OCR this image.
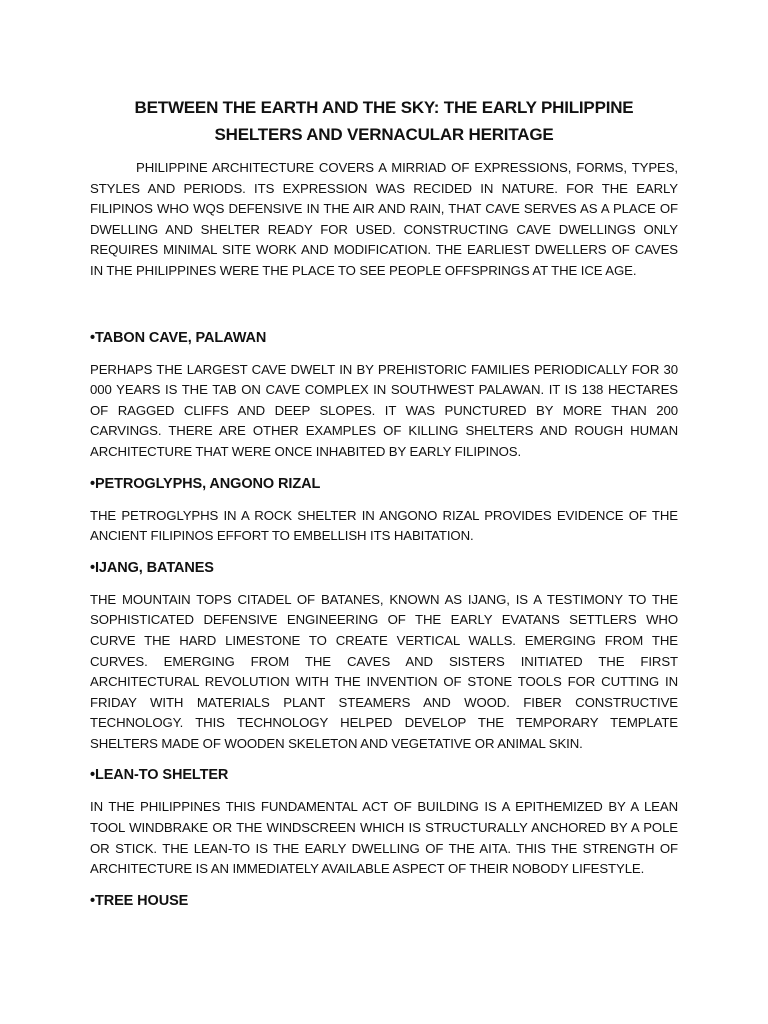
BETWEEN THE EARTH AND THE SKY: THE EARLY PHILIPPINE SHELTERS AND VERNACULAR HERITAGE

PHILIPPINE ARCHITECTURE COVERS A MIRRIAD OF EXPRESSIONS, FORMS, TYPES, STYLES AND PERIODS. ITS EXPRESSION WAS RECIDED IN NATURE. FOR THE EARLY FILIPINOS WHO WQS DEFENSIVE IN THE AIR AND RAIN, THAT CAVE SERVES AS A PLACE OF DWELLING AND SHELTER READY FOR USED. CONSTRUCTING CAVE DWELLINGS ONLY REQUIRES MINIMAL SITE WORK AND MODIFICATION. THE EARLIEST DWELLERS OF CAVES IN THE PHILIPPINES WERE THE PLACE TO SEE PEOPLE OFFSPRINGS AT THE ICE AGE.

•TABON CAVE, PALAWAN

PERHAPS THE LARGEST CAVE DWELT IN BY PREHISTORIC FAMILIES PERIODICALLY FOR 30 000 YEARS IS THE TAB ON CAVE COMPLEX IN SOUTHWEST PALAWAN. IT IS 138 HECTARES OF RAGGED CLIFFS AND DEEP SLOPES. IT WAS PUNCTURED BY MORE THAN 200 CARVINGS. THERE ARE OTHER EXAMPLES OF KILLING SHELTERS AND ROUGH HUMAN ARCHITECTURE THAT WERE ONCE INHABITED BY EARLY FILIPINOS.

•PETROGLYPHS, ANGONO RIZAL

THE PETROGLYPHS IN A ROCK SHELTER IN ANGONO RIZAL PROVIDES EVIDENCE OF THE ANCIENT FILIPINOS EFFORT TO EMBELLISH ITS HABITATION.

•IJANG, BATANES

THE MOUNTAIN TOPS CITADEL OF BATANES, KNOWN AS IJANG, IS A TESTIMONY TO THE SOPHISTICATED DEFENSIVE ENGINEERING OF THE EARLY EVATANS SETTLERS WHO CURVE THE HARD LIMESTONE TO CREATE VERTICAL WALLS. EMERGING FROM THE CURVES. EMERGING FROM THE CAVES AND SISTERS INITIATED THE FIRST ARCHITECTURAL REVOLUTION WITH THE INVENTION OF STONE TOOLS FOR CUTTING IN FRIDAY WITH MATERIALS PLANT STEAMERS AND WOOD. FIBER CONSTRUCTIVE TECHNOLOGY. THIS TECHNOLOGY HELPED DEVELOP THE TEMPORARY TEMPLATE SHELTERS MADE OF WOODEN SKELETON AND VEGETATIVE OR ANIMAL SKIN.

•LEAN-TO SHELTER

IN THE PHILIPPINES THIS FUNDAMENTAL ACT OF BUILDING IS A EPITHEMIZED BY A LEAN TOOL WINDBRAKE OR THE WINDSCREEN WHICH IS STRUCTURALLY ANCHORED BY A POLE OR STICK. THE LEAN-TO IS THE EARLY DWELLING OF THE AITA. THIS THE STRENGTH OF ARCHITECTURE IS AN IMMEDIATELY AVAILABLE ASPECT OF THEIR NOBODY LIFESTYLE.

•TREE HOUSE
